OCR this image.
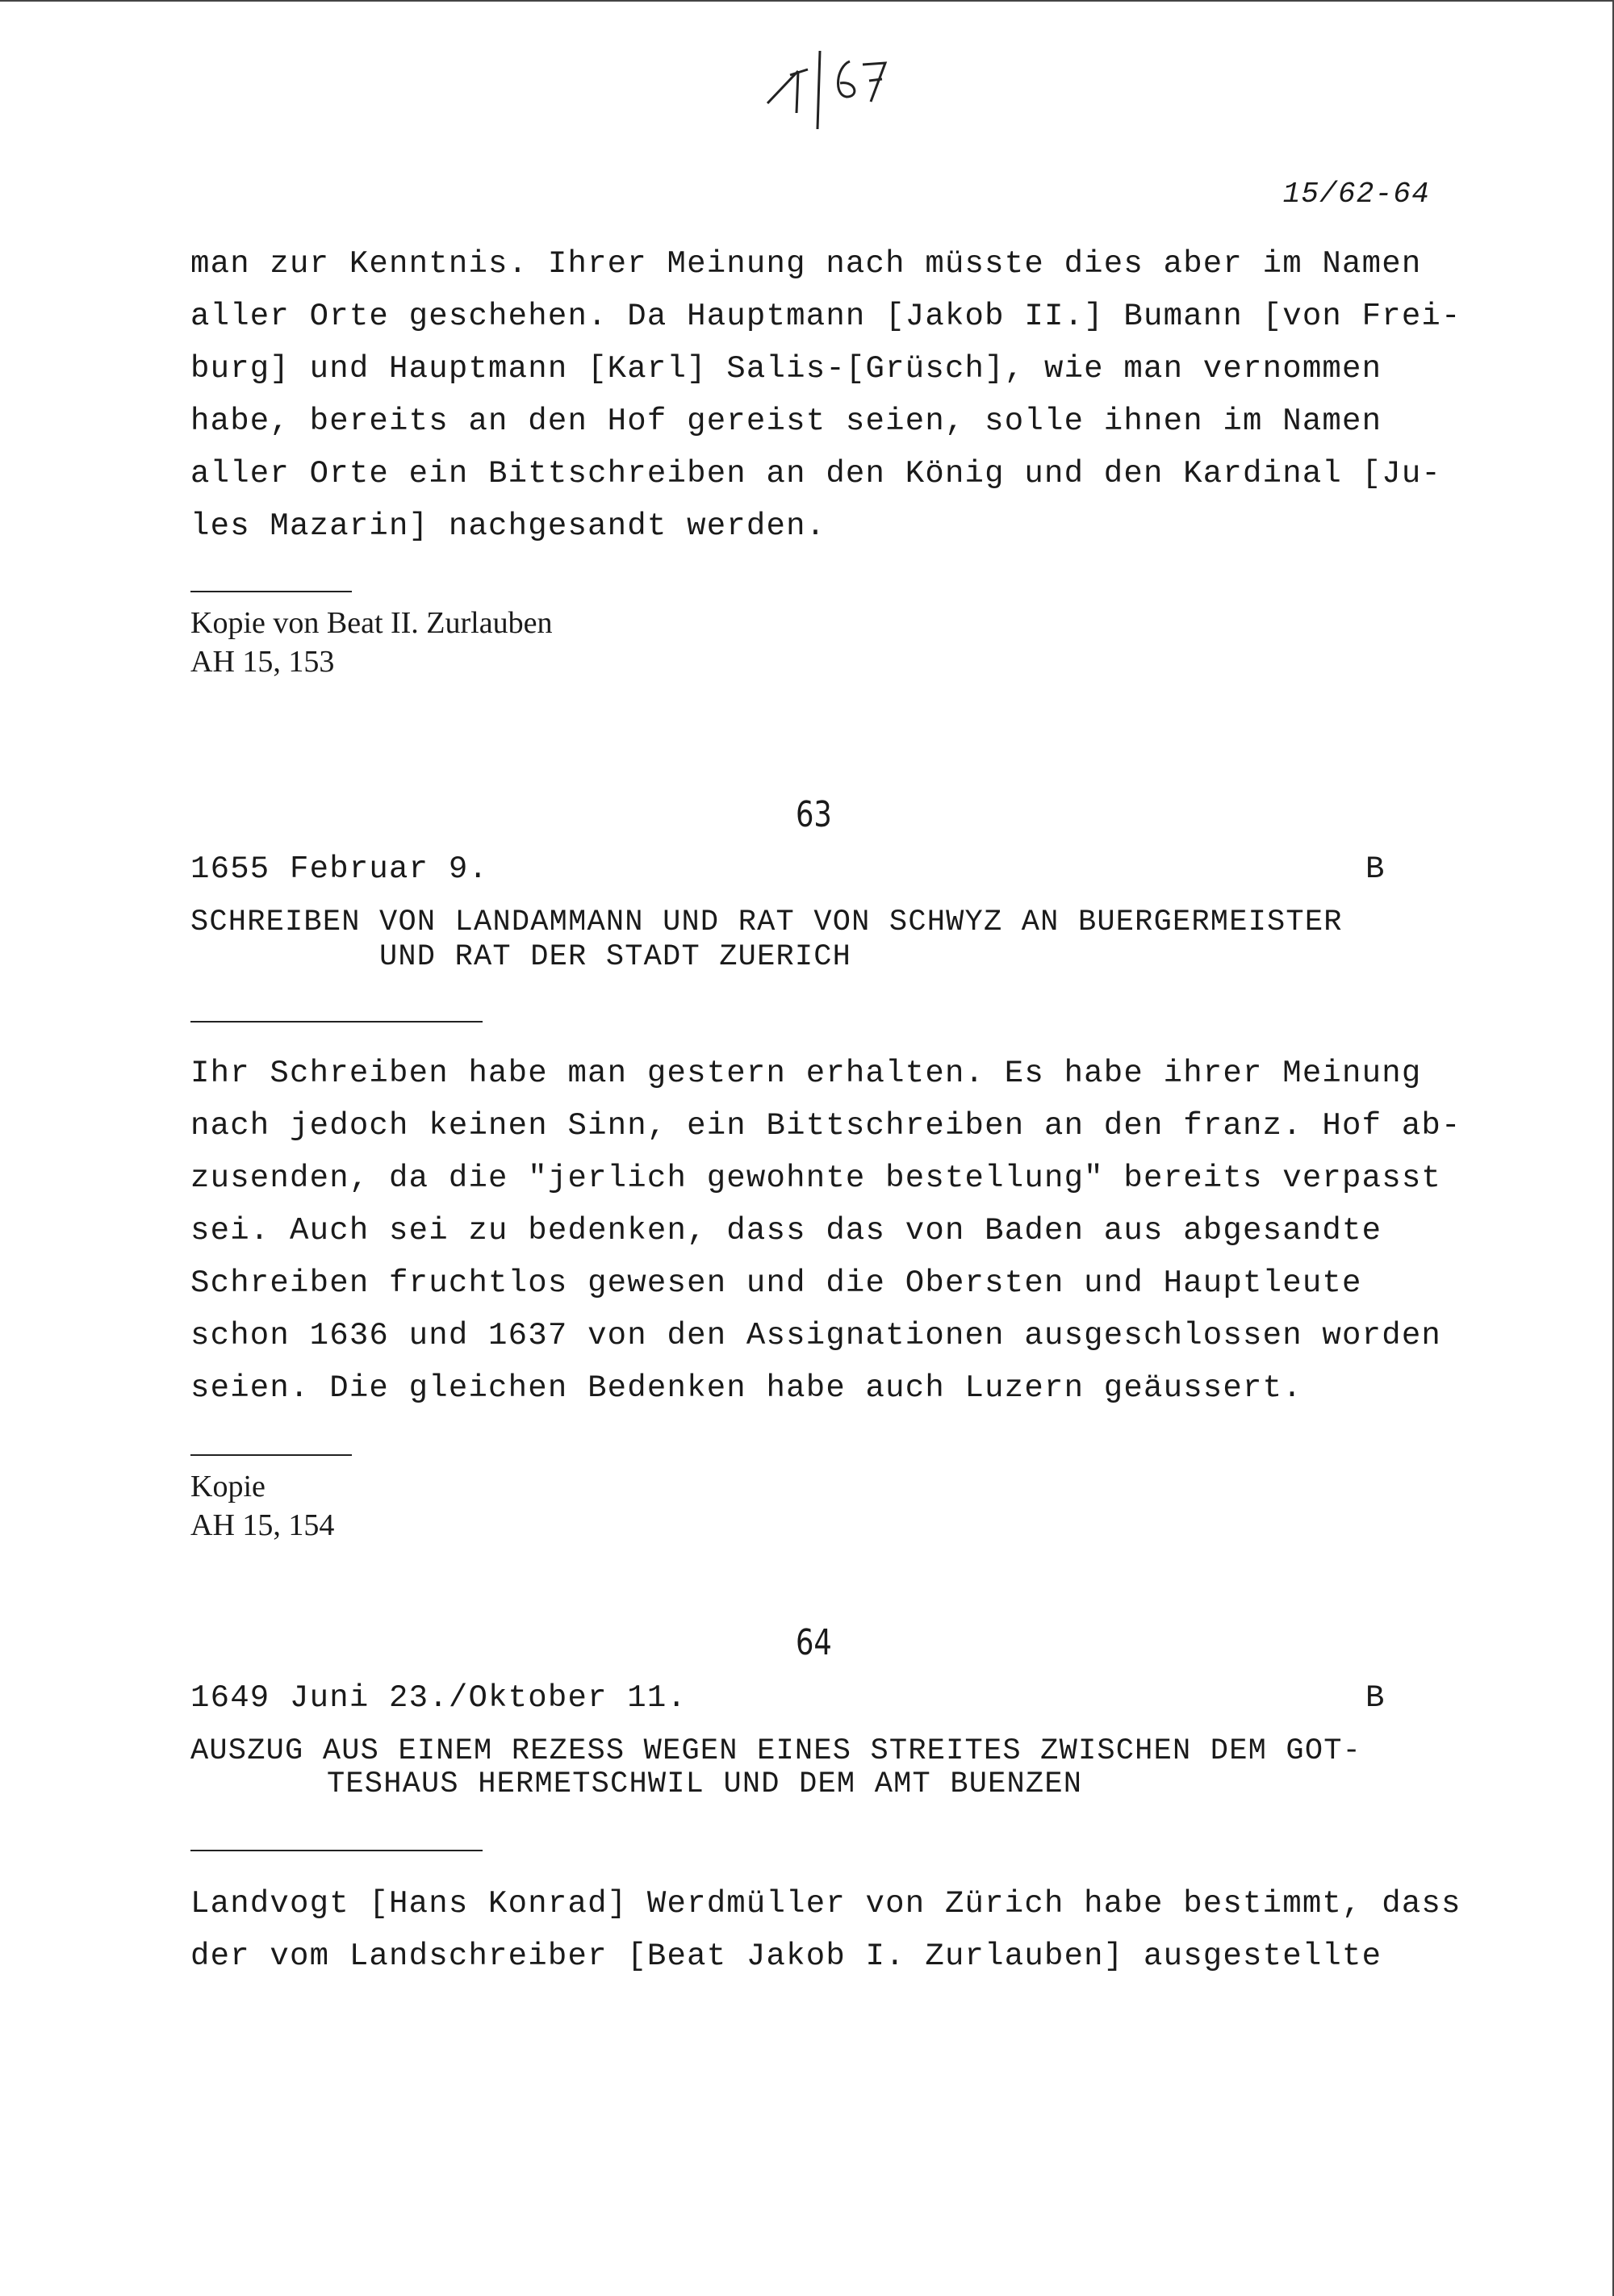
15/62-64
man zur Kenntnis. Ihrer Meinung nach müsste dies aber im Namen
aller Orte geschehen. Da Hauptmann [Jakob II.] Bumann [von Frei-
burg] und Hauptmann [Karl] Salis-[Grüsch], wie man vernommen
habe, bereits an den Hof gereist seien, solle ihnen im Namen
aller Orte ein Bittschreiben an den König und den Kardinal [Ju-
les Mazarin] nachgesandt werden.
Kopie von Beat II. Zurlauben
AH 15, 153
63
1655 Februar 9.	B
SCHREIBEN VON LANDAMMANN UND RAT VON SCHWYZ AN BUERGERMEISTER
UND RAT DER STADT ZUERICH
Ihr Schreiben habe man gestern erhalten. Es habe ihrer Meinung
nach jedoch keinen Sinn, ein Bittschreiben an den franz. Hof ab-
zusenden, da die "jerlich gewohnte bestellung" bereits verpasst
sei. Auch sei zu bedenken, dass das von Baden aus abgesandte
Schreiben fruchtlos gewesen und die Obersten und Hauptleute
schon 1636 und 1637 von den Assignationen ausgeschlossen worden
seien. Die gleichen Bedenken habe auch Luzern geäussert.
Kopie
AH 15, 154
64
1649 Juni 23./Oktober 11.	B
AUSZUG AUS EINEM REZESS WEGEN EINES STREITES ZWISCHEN DEM GOT-
TESHAUS HERMETSCHWIL UND DEM AMT BUENZEN
Landvogt [Hans Konrad] Werdmüller von Zürich habe bestimmt, dass
der vom Landschreiber [Beat Jakob I. Zurlauben] ausgestellte
